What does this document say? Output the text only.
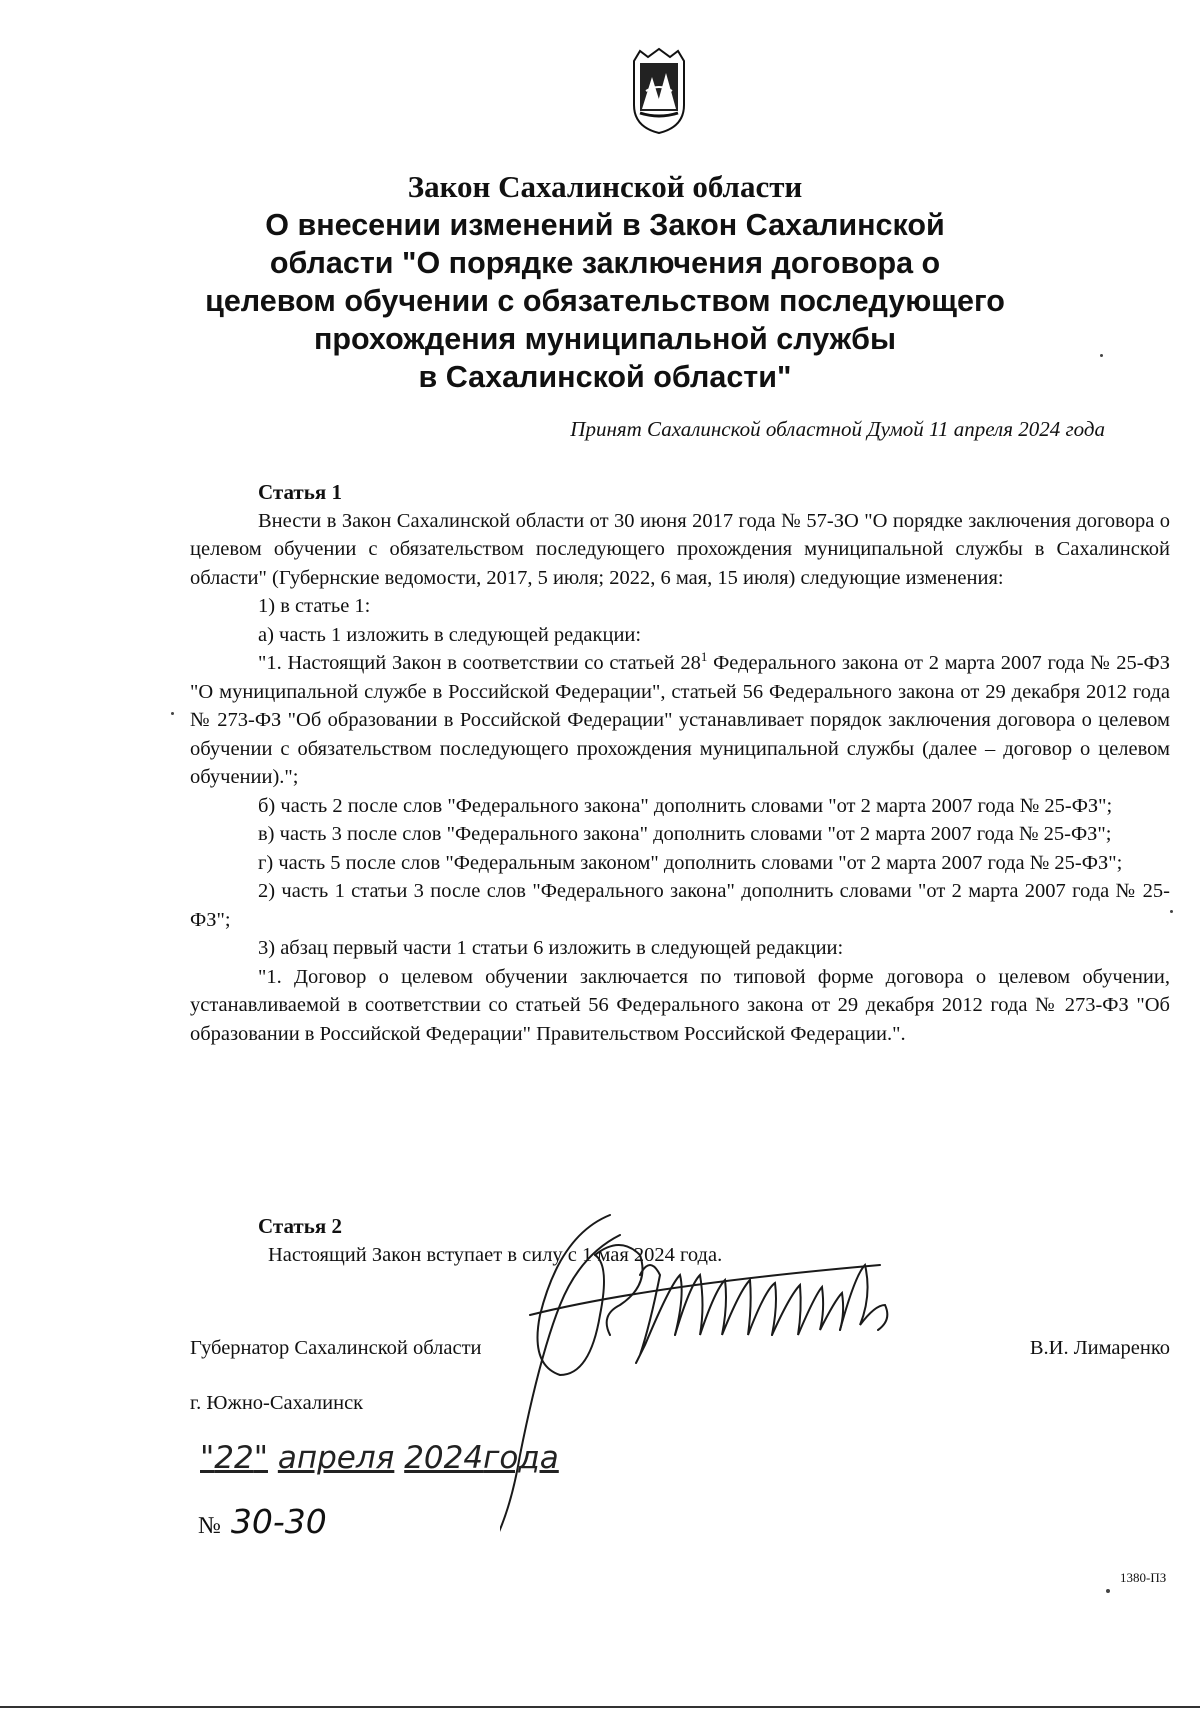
Закон Сахалинской области
О внесении изменений в Закон Сахалинской
области "О порядке заключения договора о
целевом обучении с обязательством последующего
прохождения муниципальной службы
в Сахалинской области"
Принят Сахалинской областной Думой 11 апреля 2024 года

Статья 1

Внести в Закон Сахалинской области от 30 июня 2017 года № 57-ЗО "О порядке заключения договора о целевом обучении с обязательством последующего прохождения муниципальной службы в Сахалинской области" (Губернские ведомости, 2017, 5 июля; 2022, 6 мая, 15 июля) следующие изменения:

1) в статье 1:

а) часть 1 изложить в следующей редакции:

"1. Настоящий Закон в соответствии со статьей $28^1$ Федерального закона от 2 марта 2007 года № 25-ФЗ "О муниципальной службе в Российской Федерации", статьей 56 Федерального закона от 29 декабря 2012 года № 273-ФЗ "Об образовании в Российской Федерации" устанавливает порядок заключения договора о целевом обучении с обязательством последующего прохождения муниципальной службы (далее – договор о целевом обучении).";

б) часть 2 после слов "Федерального закона" дополнить словами "от 2 марта 2007 года № 25-ФЗ";

в) часть 3 после слов "Федерального закона" дополнить словами "от 2 марта 2007 года № 25-ФЗ";

г) часть 5 после слов "Федеральным законом" дополнить словами "от 2 марта 2007 года № 25-ФЗ";

2) часть 1 статьи 3 после слов "Федерального закона" дополнить словами "от 2 марта 2007 года № 25-ФЗ";

3) абзац первый части 1 статьи 6 изложить в следующей редакции:

"1. Договор о целевом обучении заключается по типовой форме договора о целевом обучении, устанавливаемой в соответствии со статьей 56 Федерального закона от 29 декабря 2012 года № 273-ФЗ "Об образовании в Российской Федерации" Правительством Российской Федерации.".

Статья 2

Настоящий Закон вступает в силу с 1 мая 2024 года.

Губернатор Сахалинской области	В.И. Лимаренко
г. Южно-Сахалинск
"22" апреля 2024года
№ 30-30
1380-ПЗ
